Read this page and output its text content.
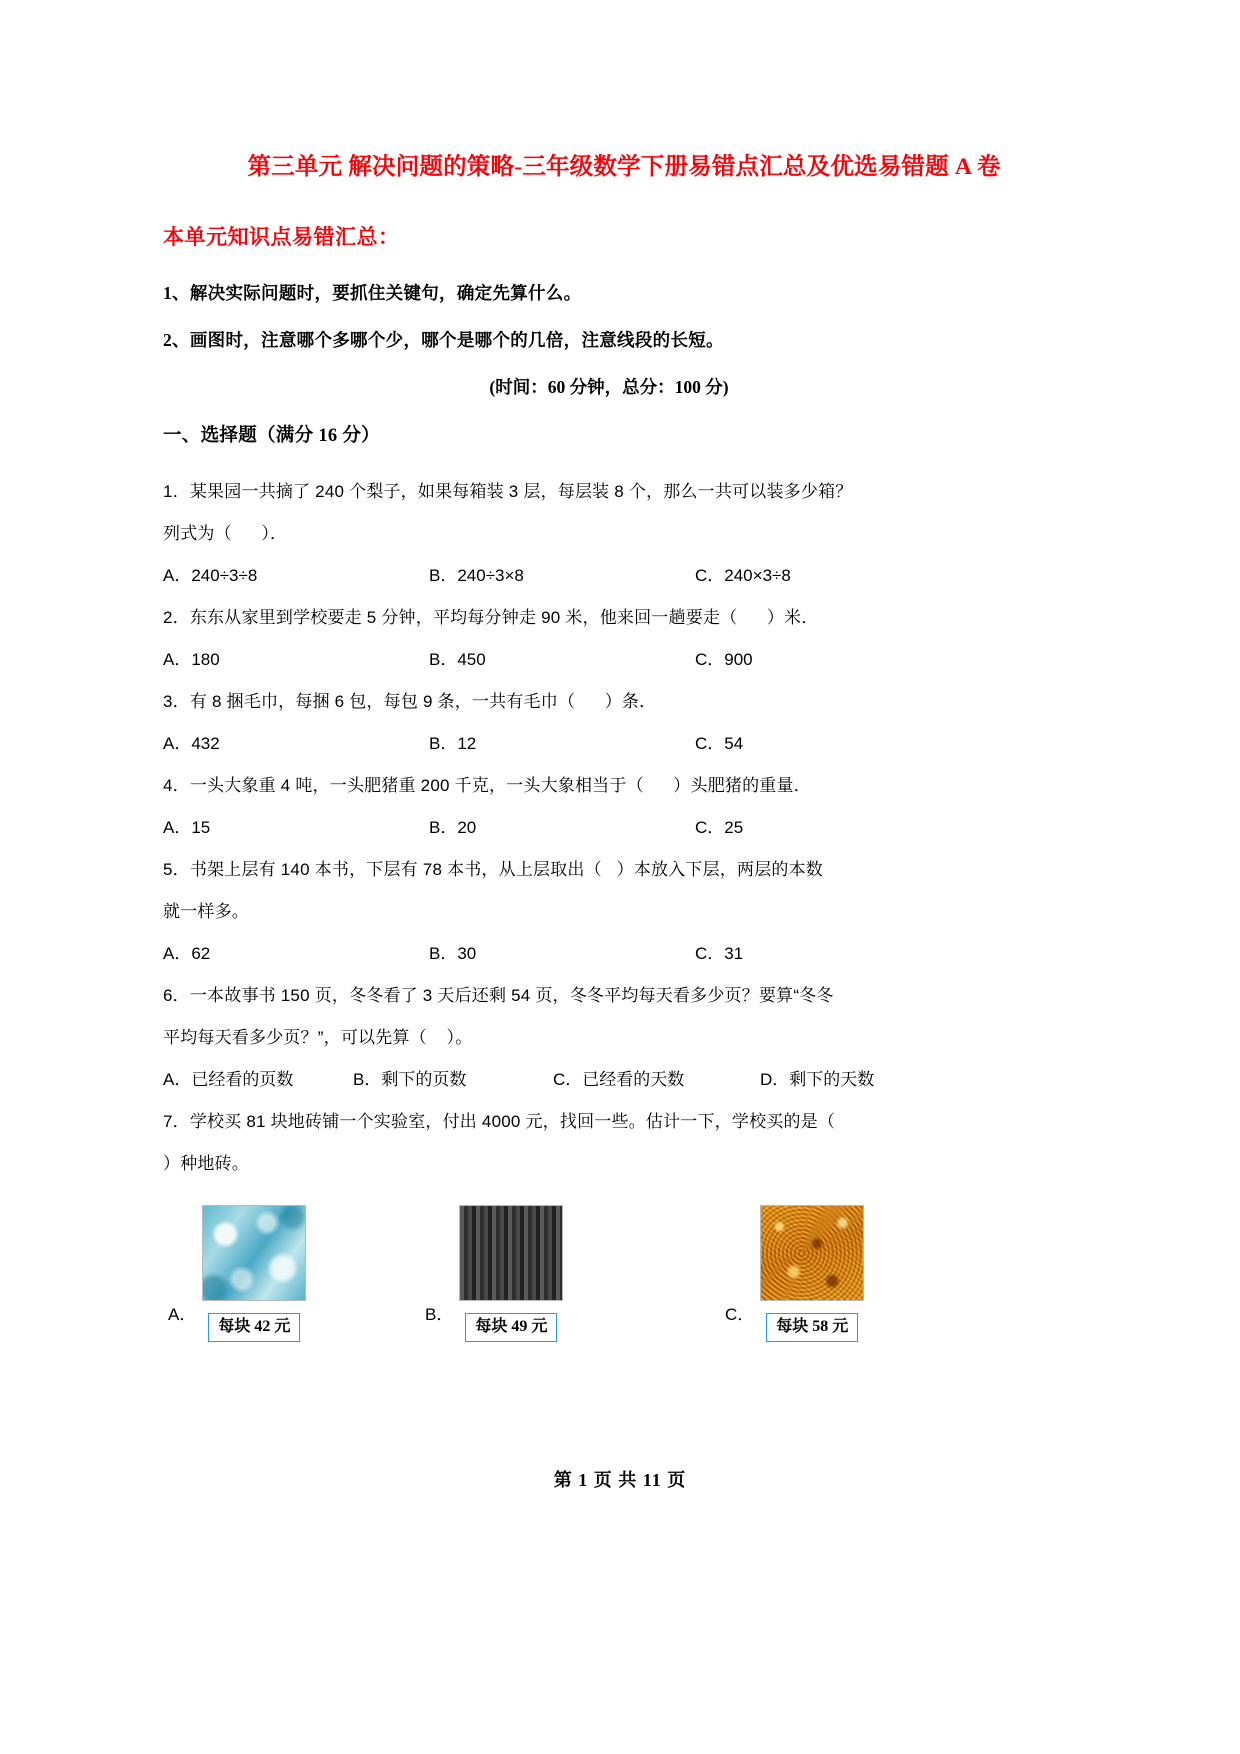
第三单元 解决问题的策略-三年级数学下册易错点汇总及优选易错题 A 卷
本单元知识点易错汇总：
1、解决实际问题时，要抓住关键句，确定先算什么。
2、画图时，注意哪个多哪个少，哪个是哪个的几倍，注意线段的长短。
(时间：60 分钟，总分：100 分)
一、选择题（满分 16 分）
1．某果园一共摘了 240 个梨子，如果每箱装 3 层，每层装 8 个，那么一共可以装多少箱？
列式为（      ）．
A．240÷3÷8	B．240÷3×8	C．240×3÷8
2．东东从家里到学校要走 5 分钟，平均每分钟走 90 米，他来回一趟要走（      ）米．
A．180	B．450	C．900
3．有 8 捆毛巾，每捆 6 包，每包 9 条，一共有毛巾（      ）条．
A．432	B．12	C．54
4．一头大象重 4 吨，一头肥猪重 200 千克，一头大象相当于（      ）头肥猪的重量．
A．15	B．20	C．25
5．书架上层有 140 本书，下层有 78 本书，从上层取出（   ）本放入下层，两层的本数
就一样多。
A．62	B．30	C．31
6．一本故事书 150 页，冬冬看了 3 天后还剩 54 页，冬冬平均每天看多少页？要算“冬冬
平均每天看多少页？”，可以先算（    ）。
A．已经看的页数	B．剩下的页数	C．已经看的天数	D．剩下的天数
7．学校买 81 块地砖铺一个实验室，付出 4000 元，找回一些。估计一下，学校买的是（
）种地砖。
A．
每块 42 元
B．
每块 49 元
C．
每块 58 元
第 1 页 共 11 页
